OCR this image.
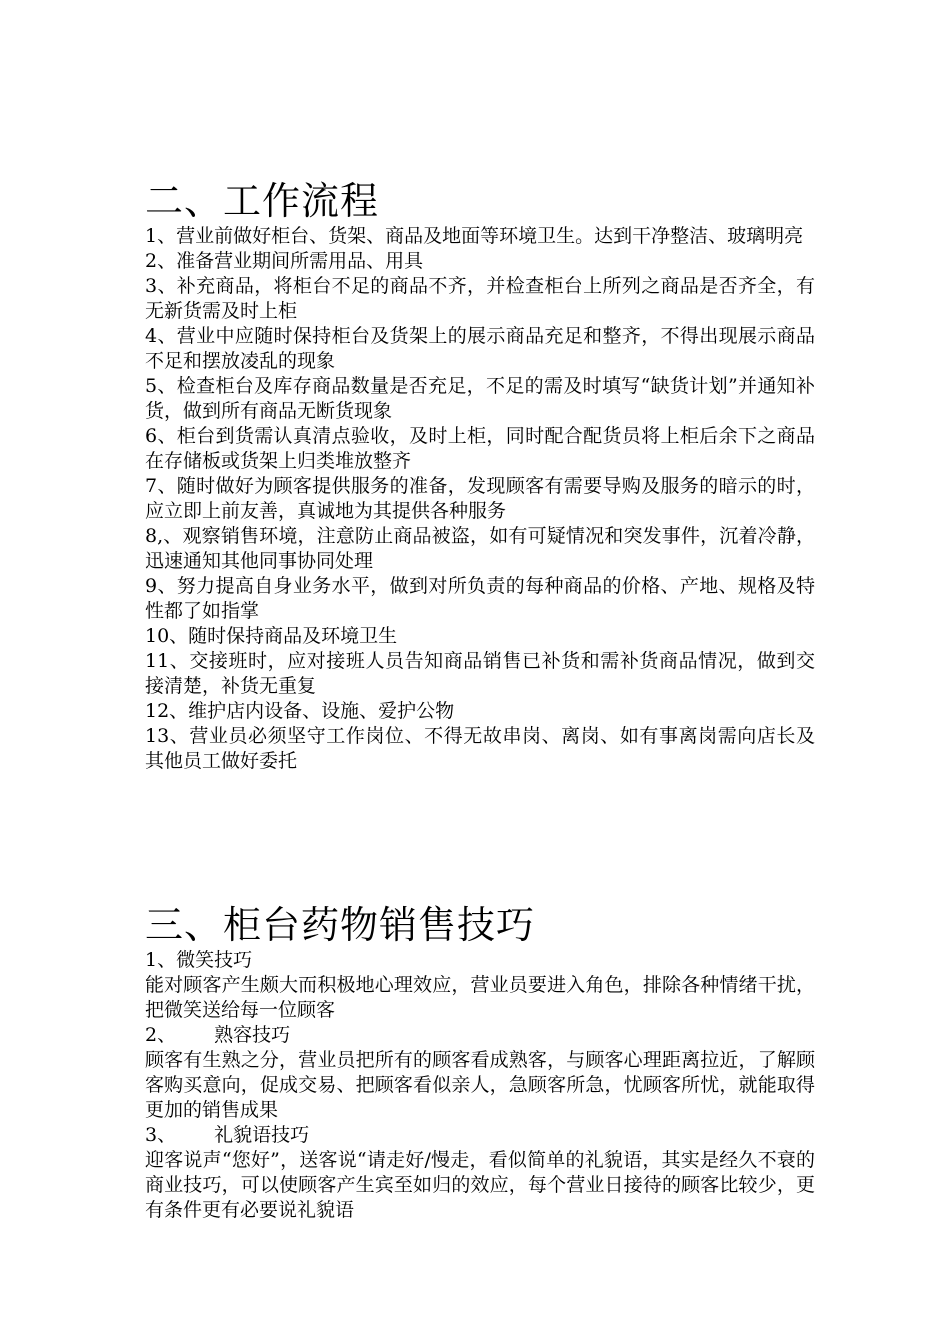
二、工作流程

1、营业前做好柜台、货架、商品及地面等环境卫生。达到干净整洁、玻璃明亮

2、准备营业期间所需用品、用具

3、补充商品，将柜台不足的商品不齐，并检查柜台上所列之商品是否齐全，有无新货需及时上柜

4、营业中应随时保持柜台及货架上的展示商品充足和整齐，不得出现展示商品不足和摆放凌乱的现象

5、检查柜台及库存商品数量是否充足，不足的需及时填写“缺货计划”并通知补货，做到所有商品无断货现象

6、柜台到货需认真清点验收，及时上柜，同时配合配货员将上柜后余下之商品在存储板或货架上归类堆放整齐

7、随时做好为顾客提供服务的准备，发现顾客有需要导购及服务的暗示的时，应立即上前友善，真诚地为其提供各种服务

8,、观察销售环境，注意防止商品被盗，如有可疑情况和突发事件，沉着冷静，迅速通知其他同事协同处理

9、努力提高自身业务水平，做到对所负责的每种商品的价格、产地、规格及特性都了如指掌

10、随时保持商品及环境卫生

11、交接班时，应对接班人员告知商品销售已补货和需补货商品情况，做到交接清楚，补货无重复

12、维护店内设备、设施、爱护公物

13、营业员必须坚守工作岗位、不得无故串岗、离岗、如有事离岗需向店长及其他员工做好委托

三、柜台药物销售技巧

1、微笑技巧

能对顾客产生颇大而积极地心理效应，营业员要进入角色，排除各种情绪干扰，把微笑送给每一位顾客

2、 熟容技巧

顾客有生熟之分，营业员把所有的顾客看成熟客，与顾客心理距离拉近，了解顾客购买意向，促成交易、把顾客看似亲人，急顾客所急，忧顾客所忧，就能取得更加的销售成果

3、 礼貌语技巧

迎客说声“您好”，送客说“请走好/慢走，看似简单的礼貌语，其实是经久不衰的商业技巧，可以使顾客产生宾至如归的效应，每个营业日接待的顾客比较少，更有条件更有必要说礼貌语
